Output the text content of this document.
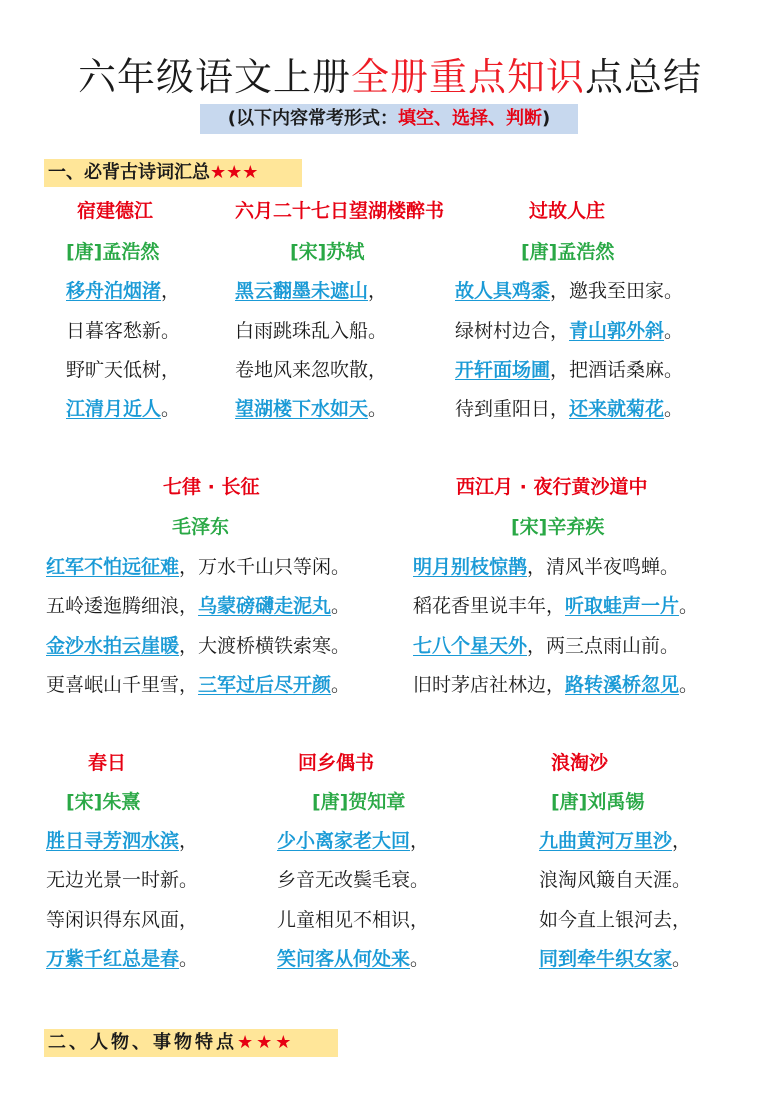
六年级语文上册全册重点知识点总结
(以下内容常考形式：填空、选择、判断)
一、必背古诗词汇总★★★
二、人物、事物特点★★★
宿建德江
[唐]孟浩然
移舟泊烟渚，
日暮客愁新。
野旷天低树，
江清月近人。
六月二十七日望湖楼醉书
[宋]苏轼
黑云翻墨未遮山，
白雨跳珠乱入船。
卷地风来忽吹散，
望湖楼下水如天。
过故人庄
[唐]孟浩然
故人具鸡黍，邀我至田家。
绿树村边合，青山郭外斜。
开轩面场圃，把酒话桑麻。
待到重阳日，还来就菊花。
七律 · 长征
毛泽东
红军不怕远征难，万水千山只等闲。
五岭逶迤腾细浪，乌蒙磅礴走泥丸。
金沙水拍云崖暖，大渡桥横铁索寒。
更喜岷山千里雪，三军过后尽开颜。
西江月 · 夜行黄沙道中
[宋]辛弃疾
明月别枝惊鹊，清风半夜鸣蝉。
稻花香里说丰年，听取蛙声一片。
七八个星天外，两三点雨山前。
旧时茅店社林边，路转溪桥忽见。
春日
[宋]朱熹
胜日寻芳泗水滨，
无边光景一时新。
等闲识得东风面，
万紫千红总是春。
回乡偶书
[唐]贺知章
少小离家老大回，
乡音无改鬓毛衰。
儿童相见不相识，
笑问客从何处来。
浪淘沙
[唐]刘禹锡
九曲黄河万里沙，
浪淘风簸自天涯。
如今直上银河去，
同到牵牛织女家。
